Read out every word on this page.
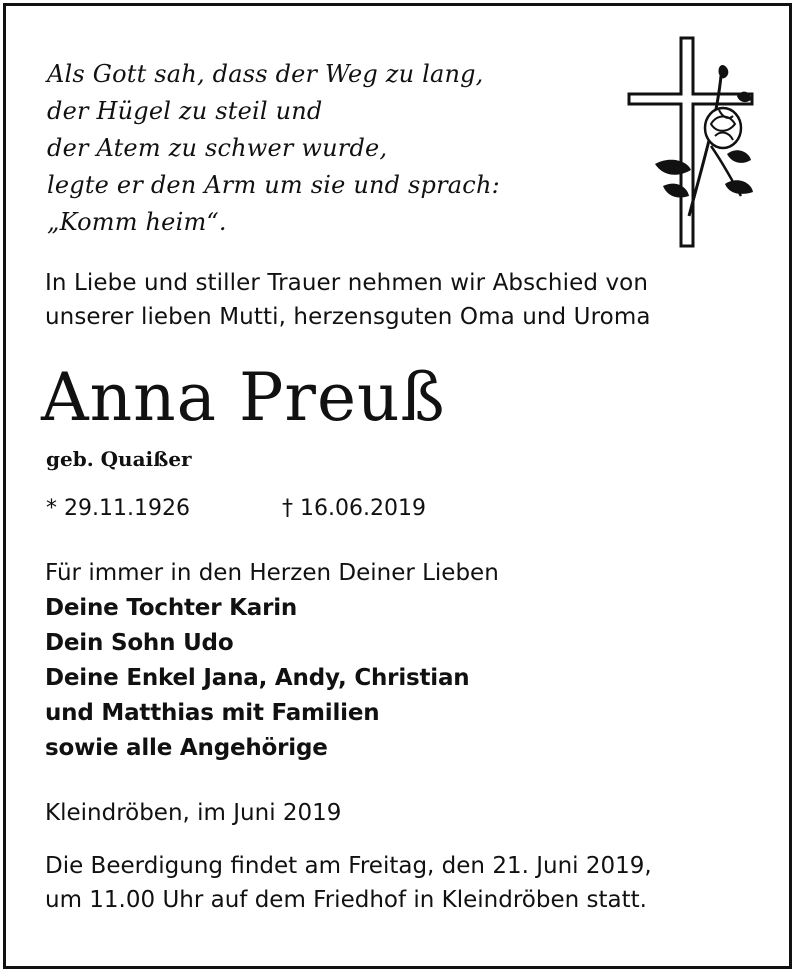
Als Gott sah, dass der Weg zu lang,
der Hügel zu steil und
der Atem zu schwer wurde,
legte er den Arm um sie und sprach:
„Komm heim“.
In Liebe und stiller Trauer nehmen wir Abschied von
unserer lieben Mutti, herzensguten Oma und Uroma
Anna Preuß
geb. Quaißer
* 29.11.1926	† 16.06.2019
Für immer in den Herzen Deiner Lieben
Deine Tochter Karin
Dein Sohn Udo
Deine Enkel Jana, Andy, Christian
und Matthias mit Familien
sowie alle Angehörige
Kleindröben, im Juni 2019
Die Beerdigung findet am Freitag, den 21. Juni 2019,
um 11.00 Uhr auf dem Friedhof in Kleindröben statt.
